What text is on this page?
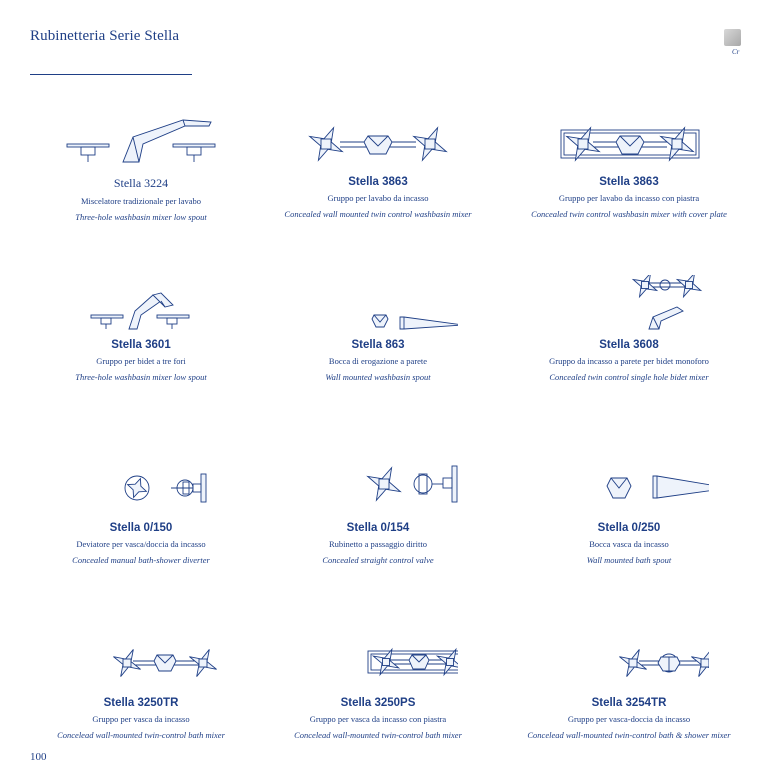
Rubinetteria Serie Stella
Cr
Stella 3224
Miscelatore tradizionale per lavabo
Three-hole washbasin mixer low spout
Stella 3863
Gruppo per lavabo da incasso
Concealed wall mounted twin control washbasin mixer
Stella 3863
Gruppo per lavabo da incasso con piastra
Concealed twin control washbasin mixer with cover plate
Stella 3601
Gruppo per bidet a tre fori
Three-hole washbasin mixer low spout
Stella 863
Bocca di erogazione a parete
Wall mounted washbasin spout
Stella 3608
Gruppo da incasso a parete per bidet monoforo
Concealed twin control single hole bidet mixer
Stella 0/150
Deviatore per vasca/doccia da incasso
Concealed manual bath-shower diverter
Stella 0/154
Rubinetto a passaggio diritto
Concealed straight control valve
Stella 0/250
Bocca vasca da incasso
Wall mounted bath spout
Stella 3250TR
Gruppo per vasca da incasso
Concelead wall-mounted twin-control bath mixer
Stella 3250PS
Gruppo per vasca da incasso con piastra
Concelead wall-mounted twin-control bath mixer
Stella 3254TR
Gruppo per vasca-doccia da incasso
Concelead wall-mounted twin-control bath & shower mixer
100
